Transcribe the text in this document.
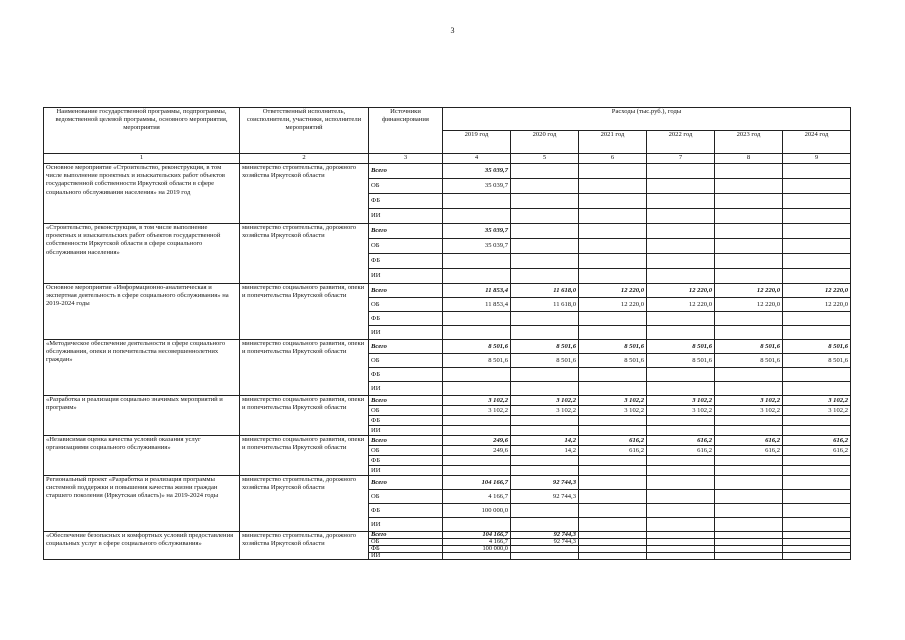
3
Наименование государственной программы, подпрограммы, ведомственной целевой программы, основного мероприятия, мероприятия	Ответственный исполнитель, соисполнители, участники, исполнители мероприятий	Источники финансирования	Расходы (тыс.руб.), годы					
			2019 год	2020 год	2021 год	2022 год	2023 год	2024 год
1	2	3	4	5	6	7	8	9
Основное мероприятие «Строительство, реконструкция, в том числе выполнение проектных и изыскательских работ объектов государственной собственности Иркутской области в сфере социального обслуживания населения» на 2019 год	министерство строительства, дорожного хозяйства Иркутской области	Всего	35 039,7					
		ОБ	35 039,7					
		ФБ						
		ИИ						
«Строительство, реконструкция, в том числе выполнение проектных и изыскательских работ объектов государственной собственности Иркутской области в сфере социального обслуживания населения»	министерство строительства, дорожного хозяйства Иркутской области	Всего	35 039,7					
		ОБ	35 039,7					
		ФБ						
		ИИ						
Основное мероприятие «Информационно-аналитическая и экспертная деятельность в сфере социального обслуживания» на 2019-2024 годы	министерство социального развития, опеки и попечительства Иркутской области	Всего	11 853,4	11 618,0	12 220,0	12 220,0	12 220,0	12 220,0
		ОБ	11 853,4	11 618,0	12 220,0	12 220,0	12 220,0	12 220,0
		ФБ						
		ИИ						
«Методическое обеспечение деятельности в сфере социального обслуживания, опеки и попечительства несовершеннолетних граждан»	министерство социального развития, опеки и попечительства Иркутской области	Всего	8 501,6	8 501,6	8 501,6	8 501,6	8 501,6	8 501,6
		ОБ	8 501,6	8 501,6	8 501,6	8 501,6	8 501,6	8 501,6
		ФБ						
		ИИ						
«Разработка и реализация социально значимых мероприятий и программ»	министерство социального развития, опеки и попечительства Иркутской области	Всего	3 102,2	3 102,2	3 102,2	3 102,2	3 102,2	3 102,2
		ОБ	3 102,2	3 102,2	3 102,2	3 102,2	3 102,2	3 102,2
		ФБ						
		ИИ						
«Независимая оценка качества условий оказания услуг организациями социального обслуживания»	министерство социального развития, опеки и попечительства Иркутской области	Всего	249,6	14,2	616,2	616,2	616,2	616,2
		ОБ	249,6	14,2	616,2	616,2	616,2	616,2
		ФБ						
		ИИ						
Региональный проект «Разработка и реализация программы системной поддержки и повышения качества жизни граждан старшего поколения (Иркутская область)» на 2019-2024 годы	министерство строительства, дорожного хозяйства Иркутской области	Всего	104 166,7	92 744,3				
		ОБ	4 166,7	92 744,3				
		ФБ	100 000,0					
		ИИ						
«Обеспечение безопасных и комфортных условий предоставления социальных услуг в сфере социального обслуживания»	министерство строительства, дорожного хозяйства Иркутской области	Всего	104 166,7	92 744,3				
		ОБ	4 166,7	92 744,3				
		ФБ	100 000,0					
		ИИ						
